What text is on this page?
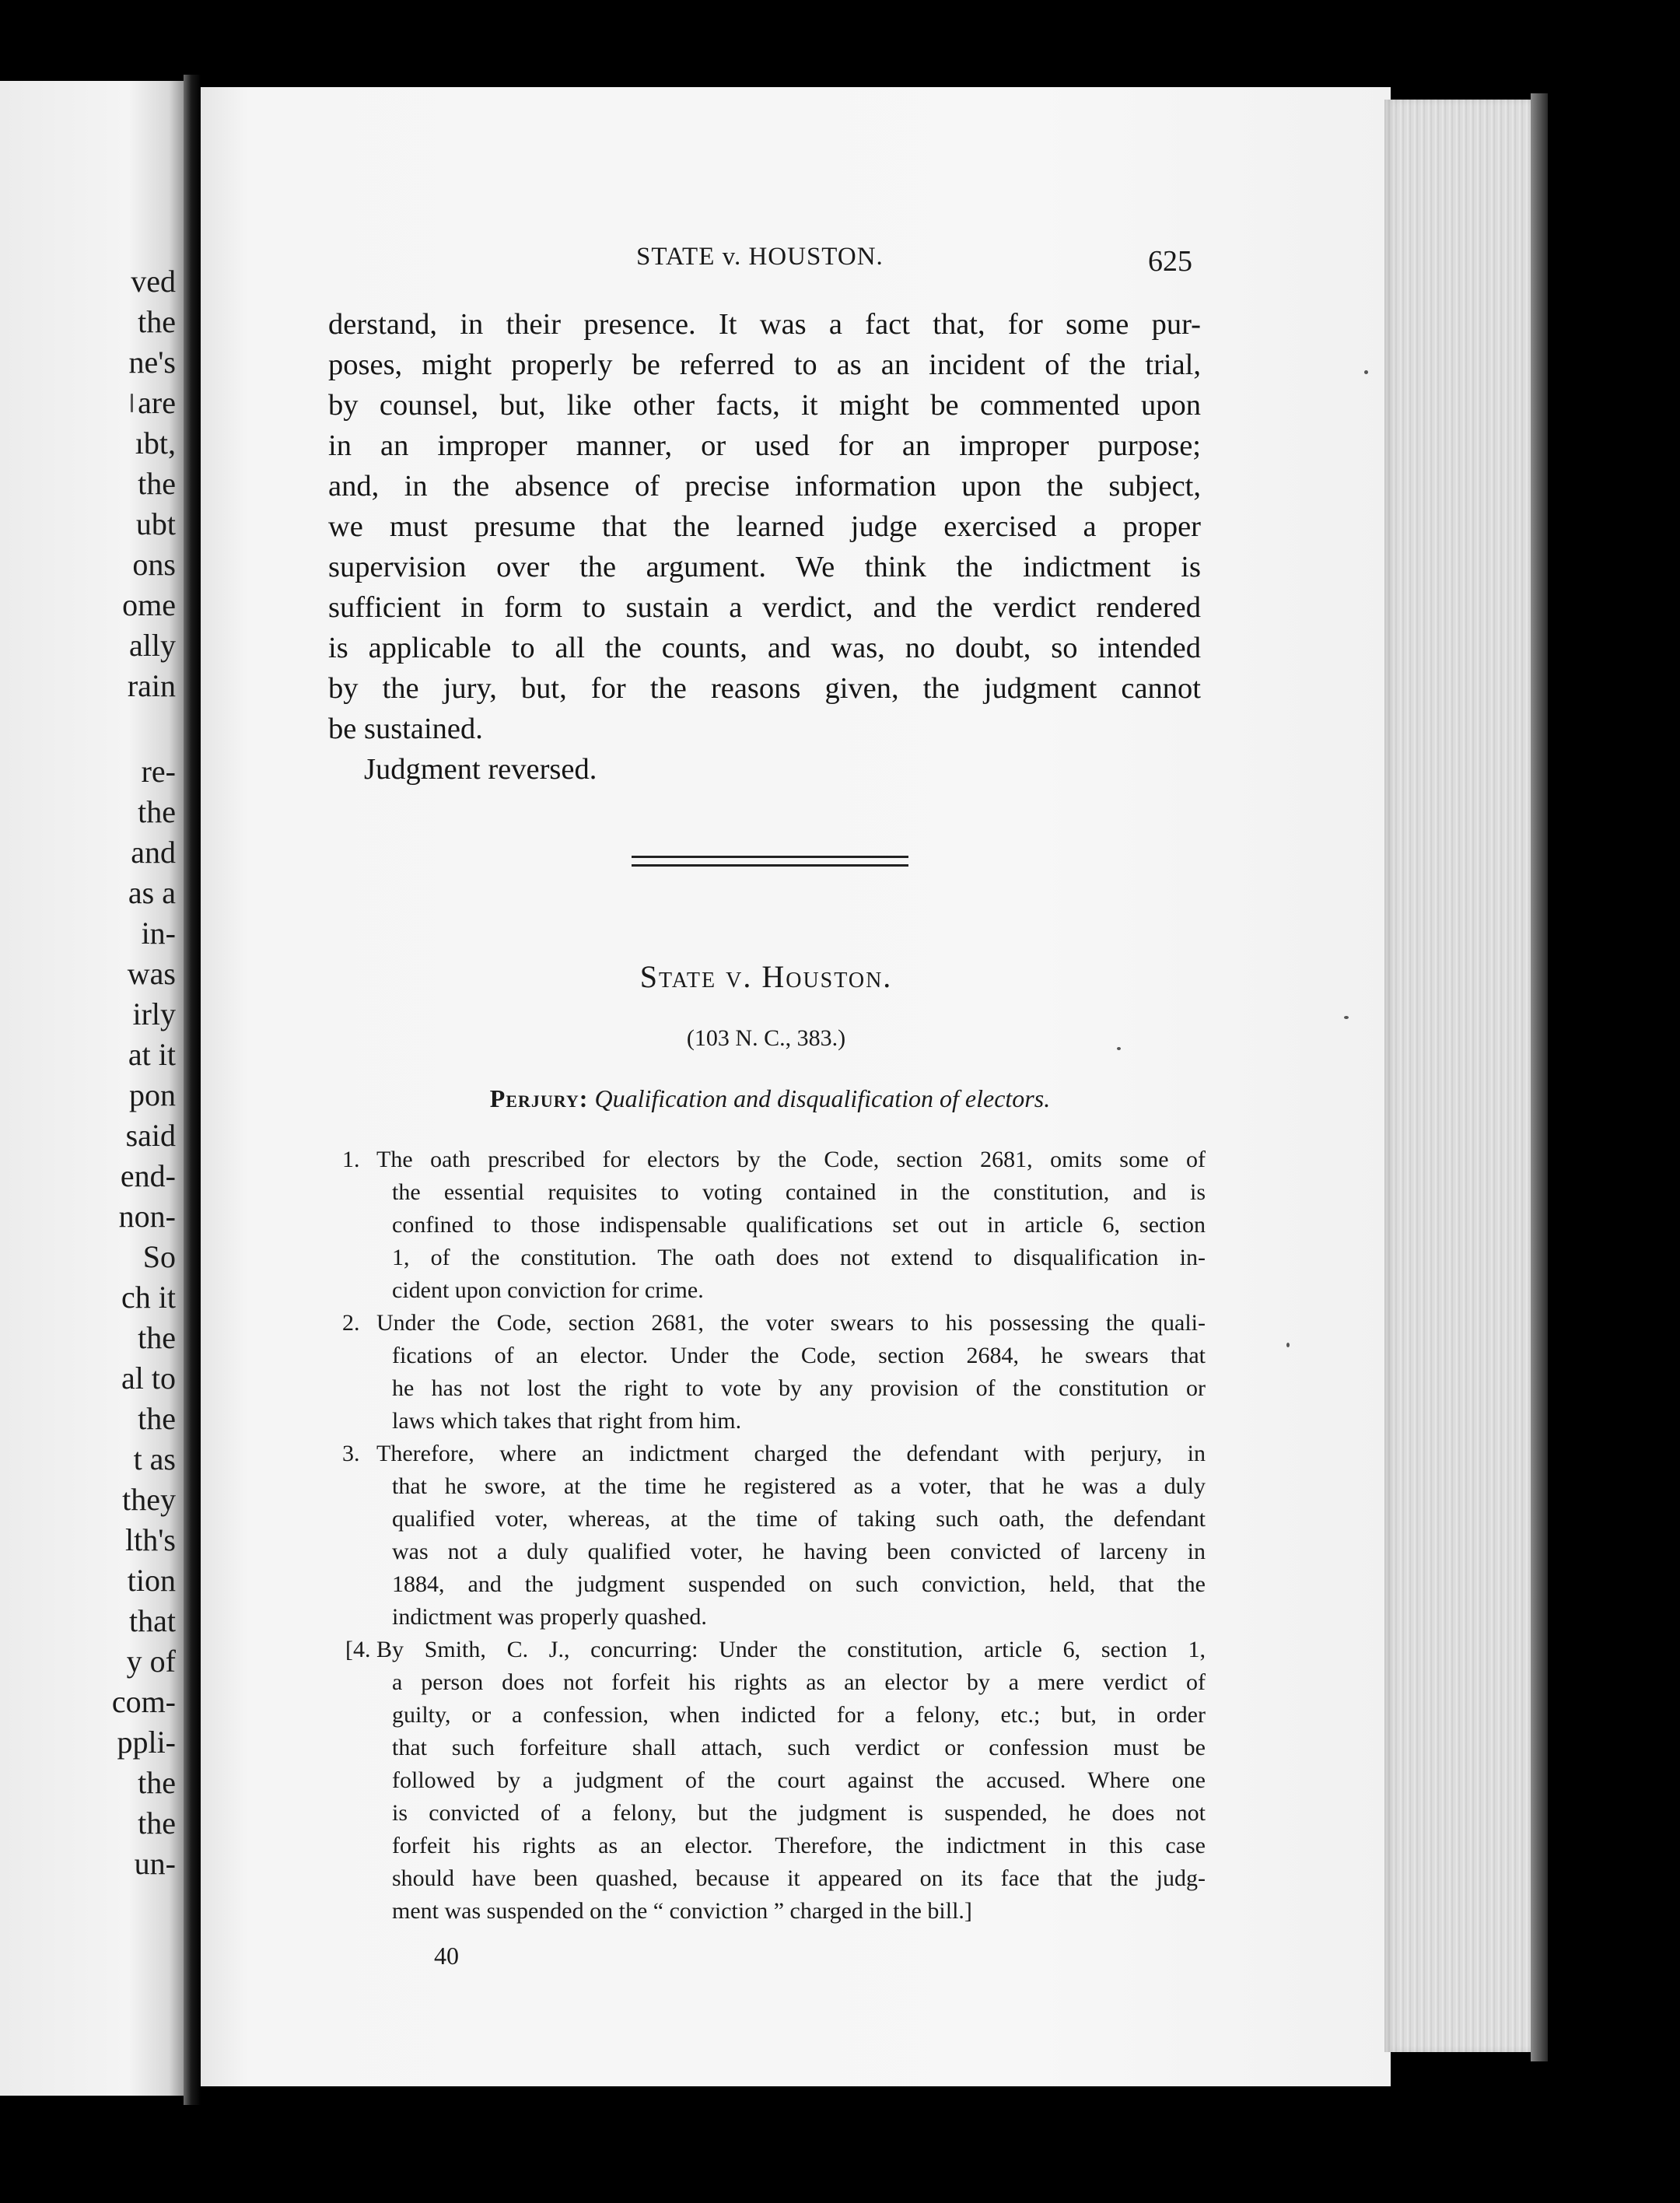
ved
the
ne's
are
ıbt,
the
ubt
ons
ome
ally
rain
re-
the
and
as a
in-
was
irly
at it
pon
said
end-
non-
So
ch it
the
al to
the
t as
they
lth's
tion
that
y of
com-
ppli-
the
the
un-
STATE v. HOUSTON.	625
derstand, in their presence. It was a fact that, for some pur-
poses, might properly be referred to as an incident of the trial,
by counsel, but, like other facts, it might be commented upon
in an improper manner, or used for an improper purpose;
and, in the absence of precise information upon the subject,
we must presume that the learned judge exercised a proper
supervision over the argument. We think the indictment is
sufficient in form to sustain a verdict, and the verdict rendered
is applicable to all the counts, and was, no doubt, so intended
by the jury, but, for the reasons given, the judgment cannot
be sustained.
Judgment reversed.
State v. Houston.
(103 N. C., 383.)
Perjury: Qualification and disqualification of electors.
1. The oath prescribed for electors by the Code, section 2681, omits some of
the essential requisites to voting contained in the constitution, and is
confined to those indispensable qualifications set out in article 6, section
1, of the constitution. The oath does not extend to disqualification in-
cident upon conviction for crime.
2. Under the Code, section 2681, the voter swears to his possessing the quali-
fications of an elector. Under the Code, section 2684, he swears that
he has not lost the right to vote by any provision of the constitution or
laws which takes that right from him.
3. Therefore, where an indictment charged the defendant with perjury, in
that he swore, at the time he registered as a voter, that he was a duly
qualified voter, whereas, at the time of taking such oath, the defendant
was not a duly qualified voter, he having been convicted of larceny in
1884, and the judgment suspended on such conviction, held, that the
indictment was properly quashed.
[4. By Smith, C. J., concurring: Under the constitution, article 6, section 1,
a person does not forfeit his rights as an elector by a mere verdict of
guilty, or a confession, when indicted for a felony, etc.; but, in order
that such forfeiture shall attach, such verdict or confession must be
followed by a judgment of the court against the accused. Where one
is convicted of a felony, but the judgment is suspended, he does not
forfeit his rights as an elector. Therefore, the indictment in this case
should have been quashed, because it appeared on its face that the judg-
ment was suspended on the “ conviction ” charged in the bill.]
40
